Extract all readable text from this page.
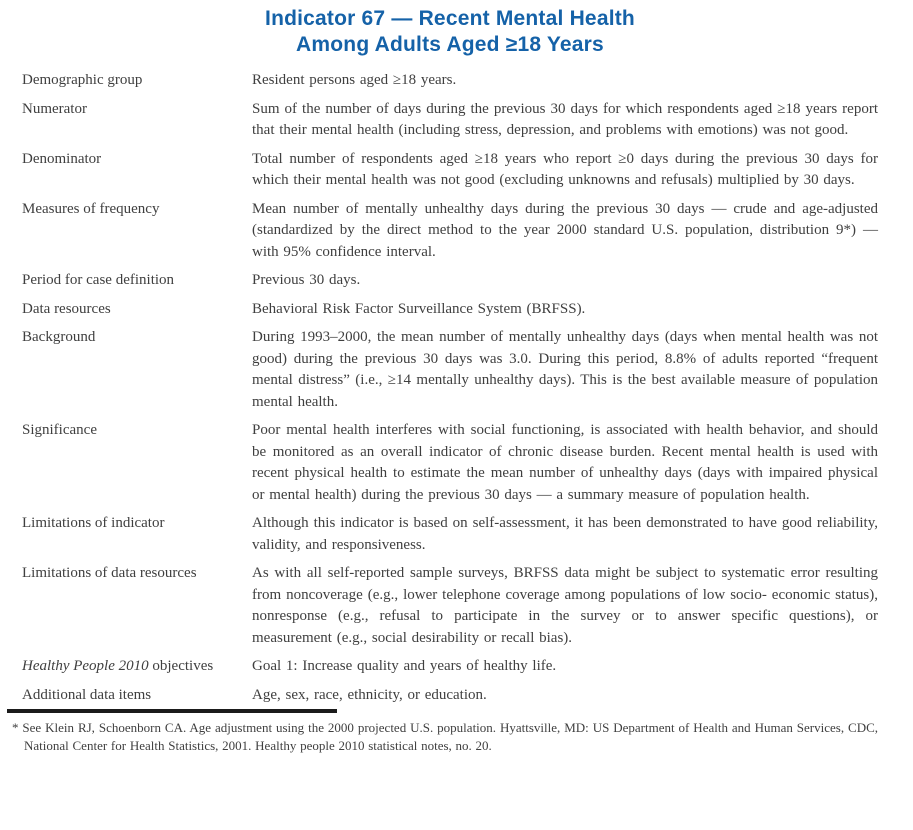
Indicator 67 — Recent Mental Health
Among Adults Aged ≥18 Years
Demographic group	Resident persons aged ≥18 years.
Numerator	Sum of the number of days during the previous 30 days for which respondents aged ≥18 years report that their mental health (including stress, depression, and problems with emotions) was not good.
Denominator	Total number of respondents aged ≥18 years who report ≥0 days during the previous 30 days for which their mental health was not good (excluding unknowns and refusals) multiplied by 30 days.
Measures of frequency	Mean number of mentally unhealthy days during the previous 30 days — crude and age-adjusted (standardized by the direct method to the year 2000 standard U.S. population, distribution 9*) — with 95% confidence interval.
Period for case definition	Previous 30 days.
Data resources	Behavioral Risk Factor Surveillance System (BRFSS).
Background	During 1993–2000, the mean number of mentally unhealthy days (days when mental health was not good) during the previous 30 days was 3.0. During this period, 8.8% of adults reported “frequent mental distress” (i.e., ≥14 mentally unhealthy days). This is the best available measure of population mental health.
Significance	Poor mental health interferes with social functioning, is associated with health behavior, and should be monitored as an overall indicator of chronic disease burden. Recent mental health is used with recent physical health to estimate the mean number of unhealthy days (days with impaired physical or mental health) during the previous 30 days — a summary measure of population health.
Limitations of indicator	Although this indicator is based on self-assessment, it has been demonstrated to have good reliability, validity, and responsiveness.
Limitations of data resources	As with all self-reported sample surveys, BRFSS data might be subject to systematic error resulting from noncoverage (e.g., lower telephone coverage among populations of low socio- economic status), nonresponse (e.g., refusal to participate in the survey or to answer specific questions), or measurement (e.g., social desirability or recall bias).
Healthy People 2010 objectives	Goal 1: Increase quality and years of healthy life.
Additional data items	Age, sex, race, ethnicity, or education.
* See Klein RJ, Schoenborn CA. Age adjustment using the 2000 projected U.S. population. Hyattsville, MD: US Department of Health and Human Services, CDC, National Center for Health Statistics, 2001. Healthy people 2010 statistical notes, no. 20.
